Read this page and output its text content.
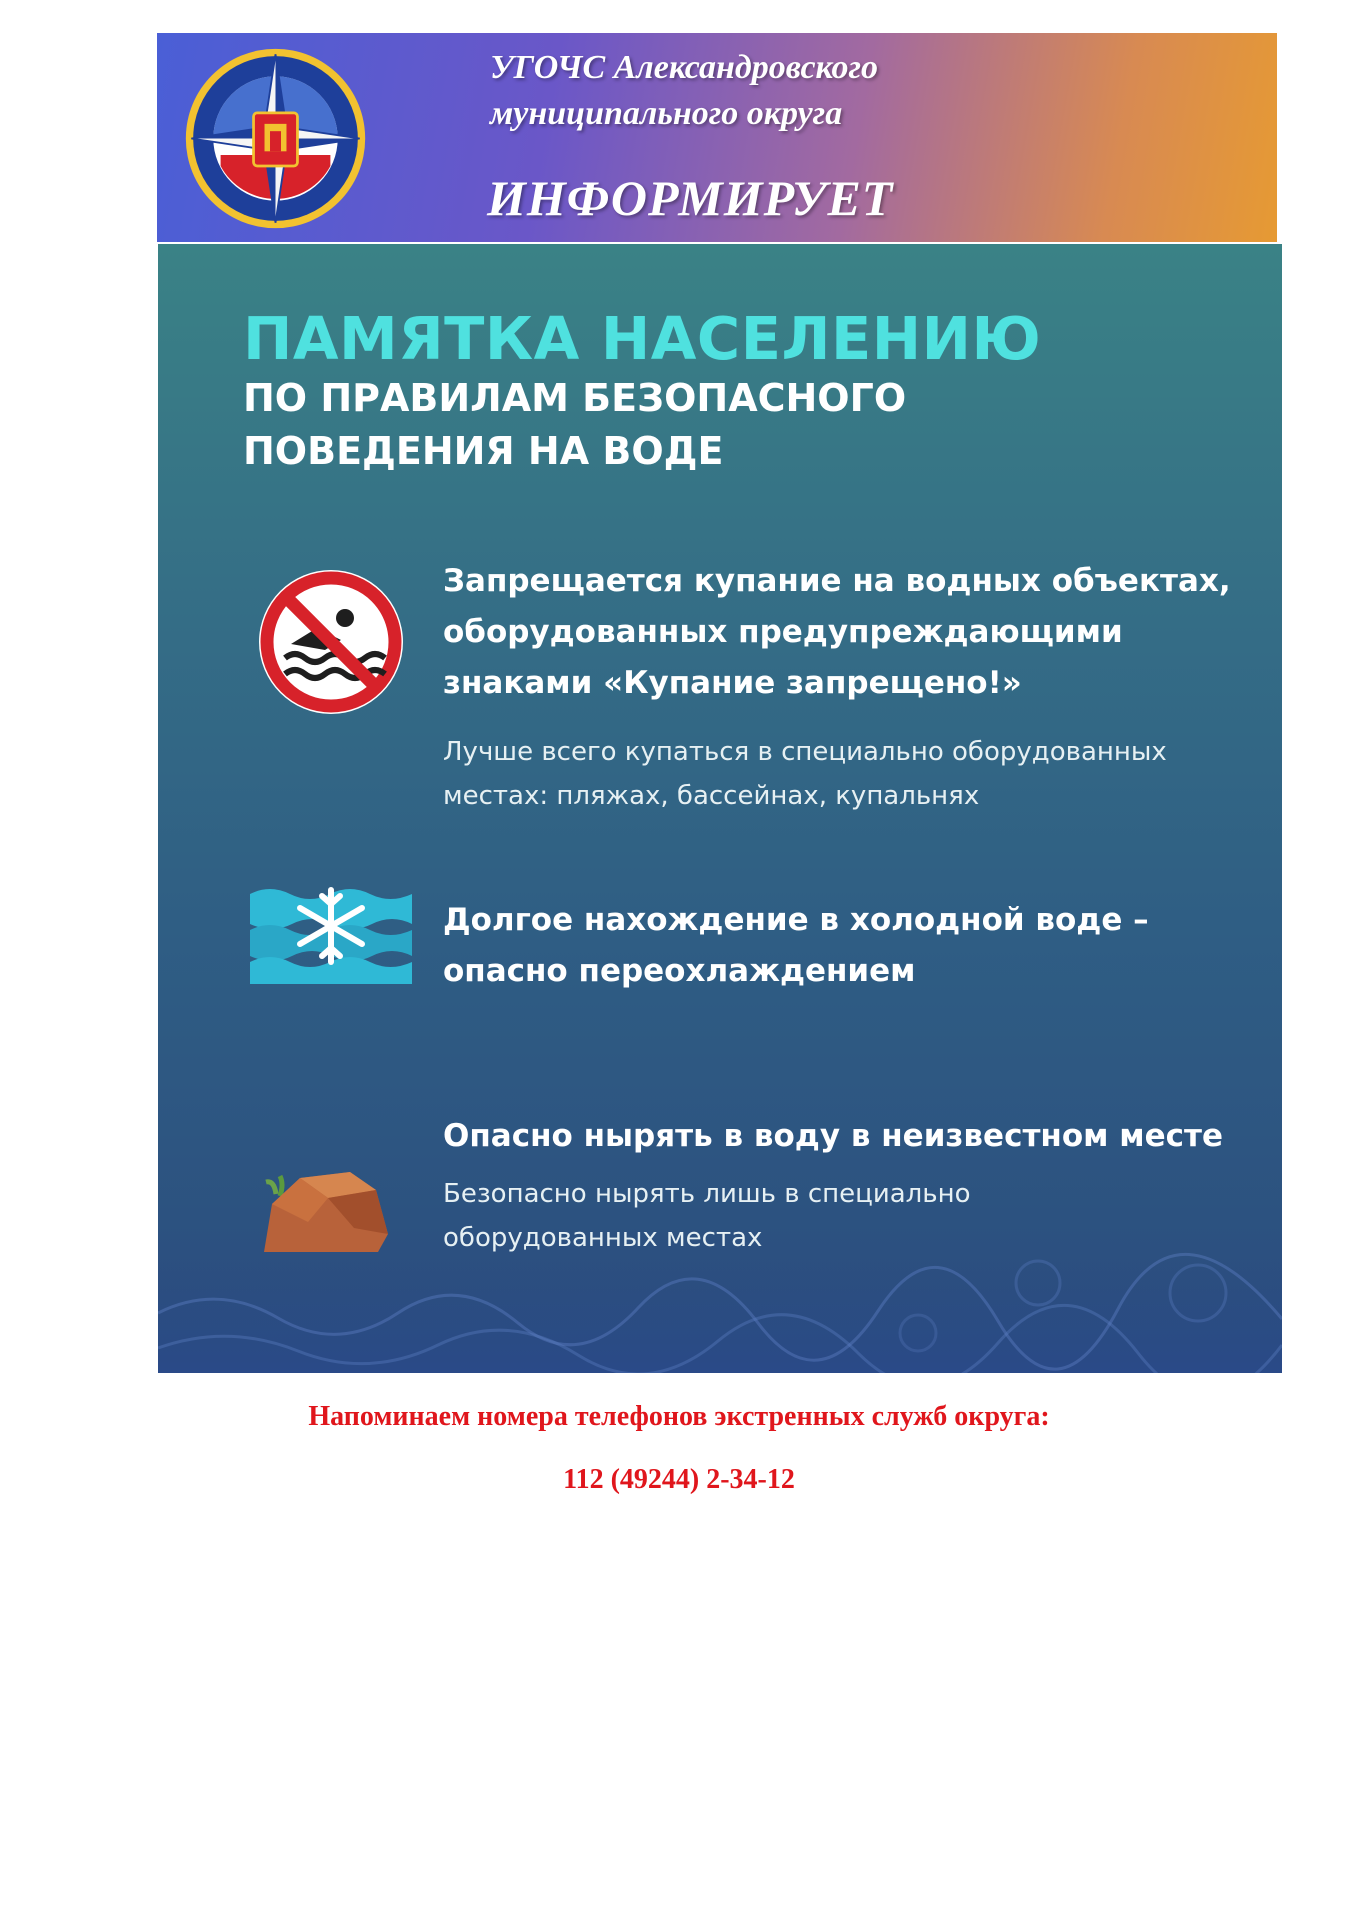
УГОЧС Александровского
муниципального округа
ИНФОРМИРУЕТ
ПАМЯТКА НАСЕЛЕНИЮ
ПО ПРАВИЛАМ БЕЗОПАСНОГО
ПОВЕДЕНИЯ НА ВОДЕ
Запрещается купание на водных объектах,
оборудованных предупреждающими
знаками «Купание запрещено!»
Лучше всего купаться в специально оборудованных
местах: пляжах, бассейнах, купальнях
Долгое нахождение в холодной воде –
опасно переохлаждением
Опасно нырять в воду в неизвестном месте
Безопасно нырять лишь в специально
оборудованных местах

Напоминаем номера телефонов экстренных служб округа:

112 (49244) 2-34-12
